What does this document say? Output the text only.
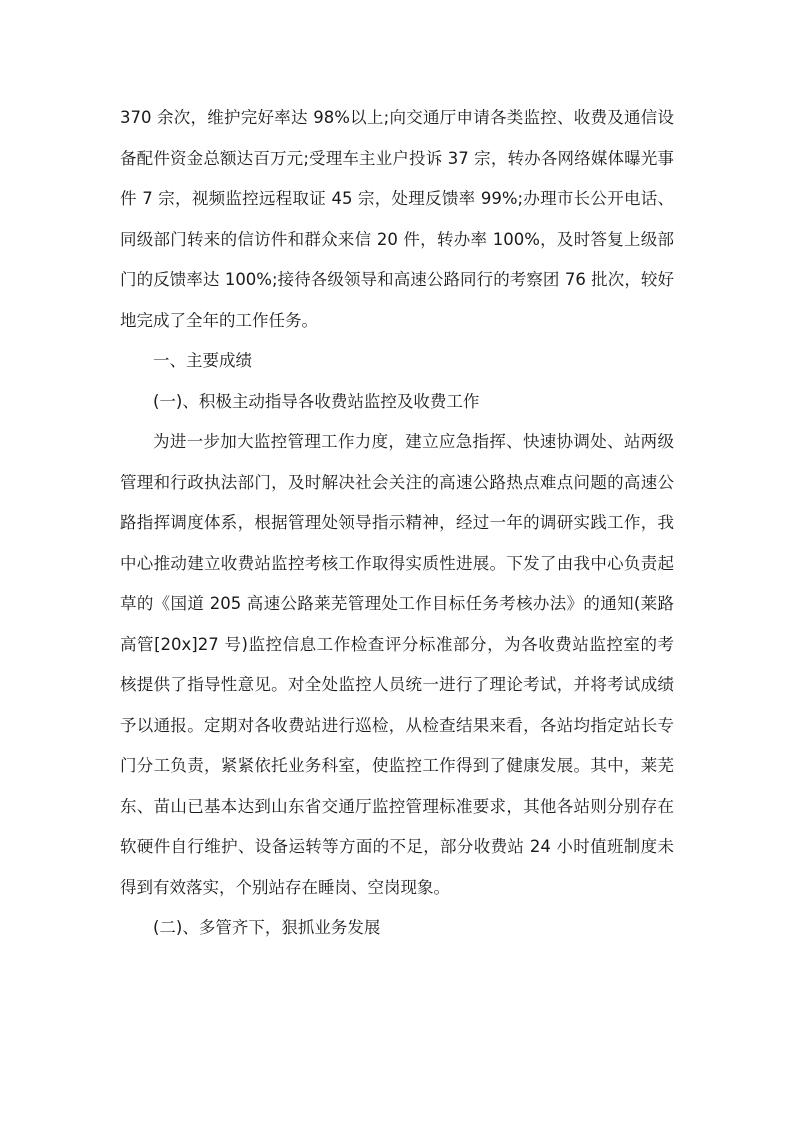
370 余次，维护完好率达 98%以上;向交通厅申请各类监控、收费及通信设备配件资金总额达百万元;受理车主业户投诉 37 宗，转办各网络媒体曝光事件 7 宗，视频监控远程取证 45 宗，处理反馈率 99%;办理市长公开电话、同级部门转来的信访件和群众来信 20 件，转办率 100%，及时答复上级部门的反馈率达 100%;接待各级领导和高速公路同行的考察团 76 批次，较好地完成了全年的工作任务。

一、主要成绩

(一)、积极主动指导各收费站监控及收费工作

为进一步加大监控管理工作力度，建立应急指挥、快速协调处、站两级管理和行政执法部门，及时解决社会关注的高速公路热点难点问题的高速公路指挥调度体系，根据管理处领导指示精神，经过一年的调研实践工作，我中心推动建立收费站监控考核工作取得实质性进展。下发了由我中心负责起草的《国道 205 高速公路莱芜管理处工作目标任务考核办法》的通知(莱路高管[20x]27 号)监控信息工作检查评分标准部分，为各收费站监控室的考核提供了指导性意见。对全处监控人员统一进行了理论考试，并将考试成绩予以通报。定期对各收费站进行巡检，从检查结果来看，各站均指定站长专门分工负责，紧紧依托业务科室，使监控工作得到了健康发展。其中，莱芜东、苗山已基本达到山东省交通厅监控管理标准要求，其他各站则分别存在软硬件自行维护、设备运转等方面的不足，部分收费站 24 小时值班制度未得到有效落实，个别站存在睡岗、空岗现象。

(二)、多管齐下，狠抓业务发展
